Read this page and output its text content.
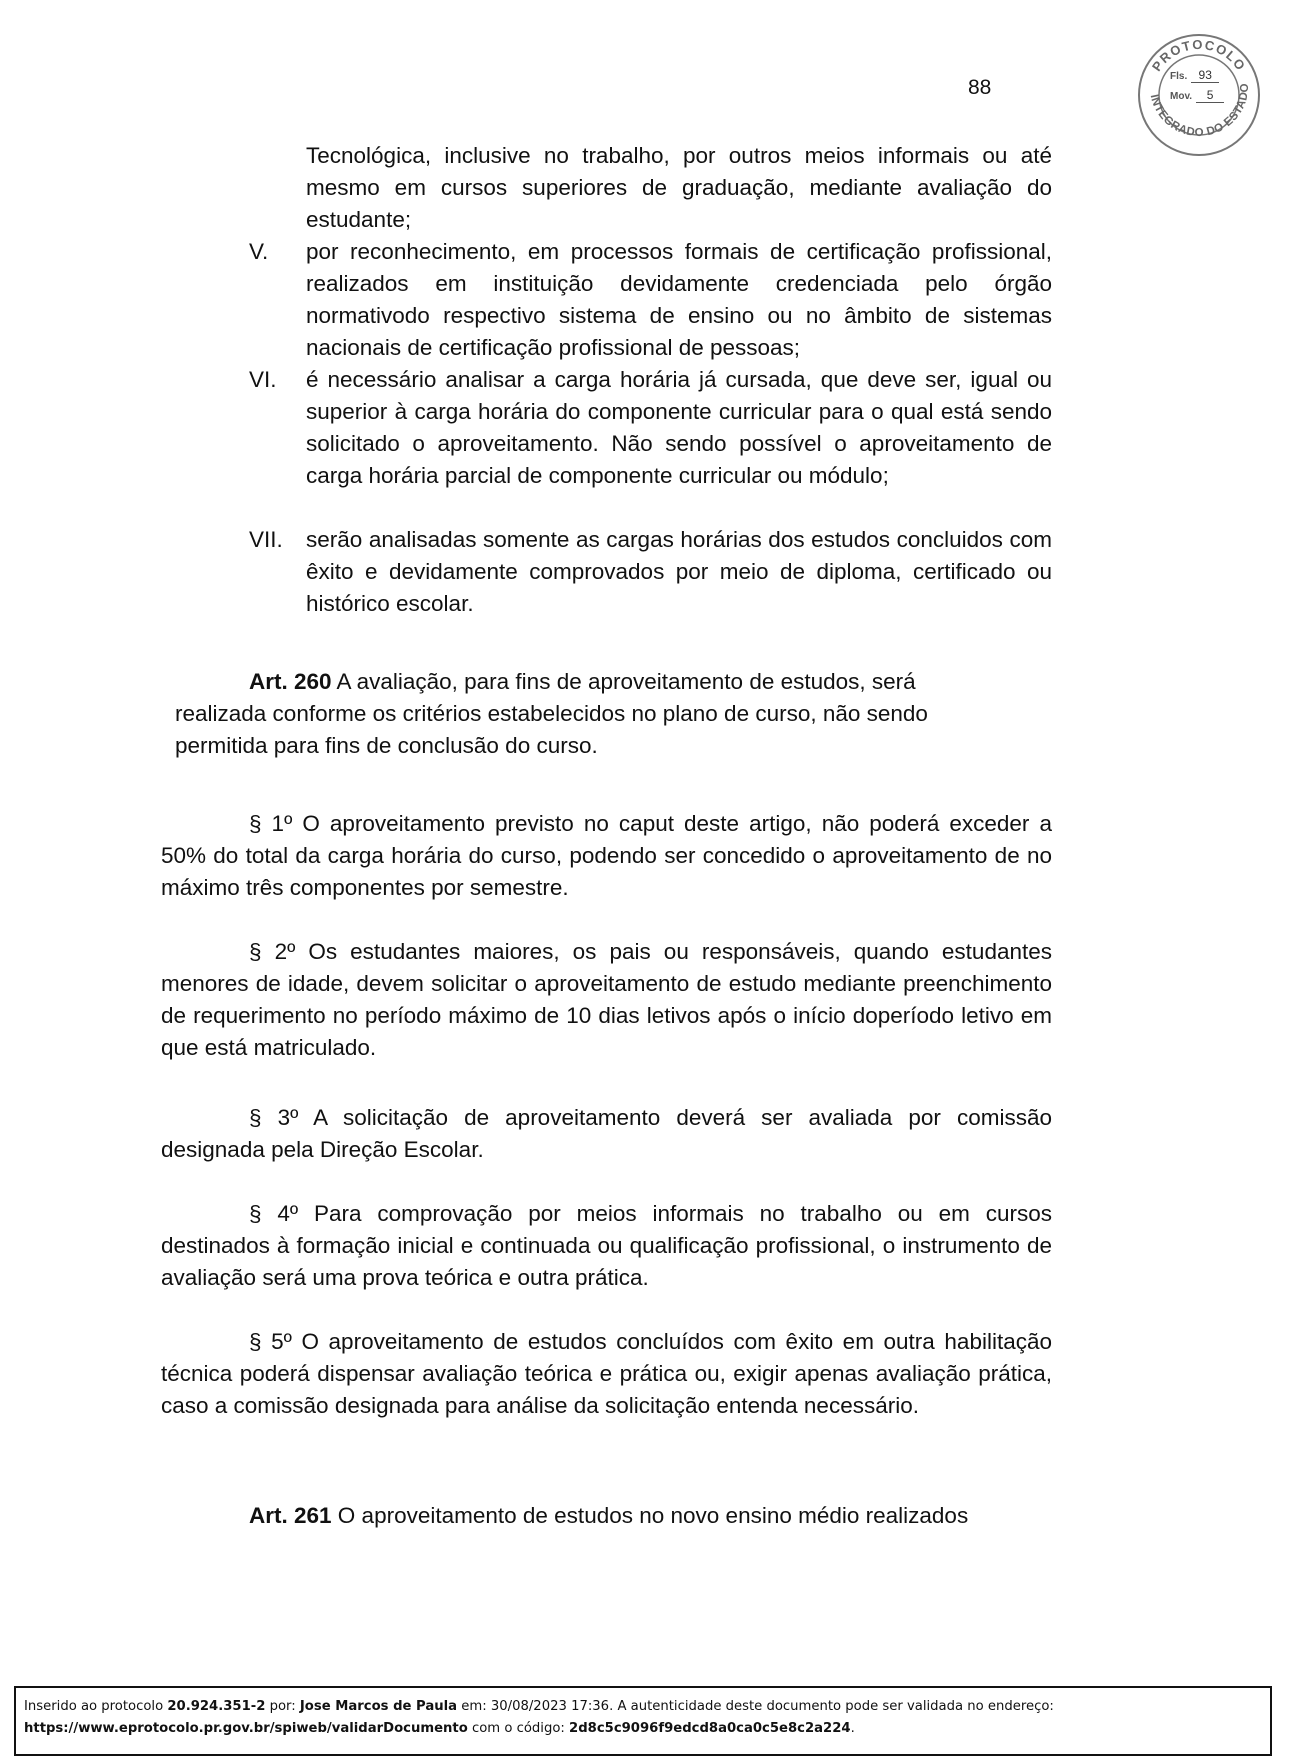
88
PROTOCOLO
INTEGRADO DO ESTADO
Fls. 93
Mov. 5
Tecnológica, inclusive no trabalho, por outros meios informais ou até mesmo em cursos superiores de graduação, mediante avaliação do estudante;
V. por reconhecimento, em processos formais de certificação profissional, realizados em instituição devidamente credenciada pelo órgão normativodo respectivo sistema de ensino ou no âmbito de sistemas nacionais de certificação profissional de pessoas;
VI. é necessário analisar a carga horária já cursada, que deve ser, igual ou superior à carga horária do componente curricular para o qual está sendo solicitado o aproveitamento. Não sendo possível o aproveitamento de carga horária parcial de componente curricular ou módulo;
VII. serão analisadas somente as cargas horárias dos estudos concluidos com êxito e devidamente comprovados por meio de diploma, certificado ou histórico escolar.
Art. 260 A avaliação, para fins de aproveitamento de estudos, será realizada conforme os critérios estabelecidos no plano de curso, não sendo permitida para fins de conclusão do curso.
§ 1º O aproveitamento previsto no caput deste artigo, não poderá exceder a 50% do total da carga horária do curso, podendo ser concedido o aproveitamento de no máximo três componentes por semestre.
§ 2º Os estudantes maiores, os pais ou responsáveis, quando estudantes menores de idade, devem solicitar o aproveitamento de estudo mediante preenchimento de requerimento no período máximo de 10 dias letivos após o início doperíodo letivo em que está matriculado.
§ 3º A solicitação de aproveitamento deverá ser avaliada por comissão designada pela Direção Escolar.
§ 4º Para comprovação por meios informais no trabalho ou em cursos destinados à formação inicial e continuada ou qualificação profissional, o instrumento de avaliação será uma prova teórica e outra prática.
§ 5º O aproveitamento de estudos concluídos com êxito em outra habilitação técnica poderá dispensar avaliação teórica e prática ou, exigir apenas avaliação prática, caso a comissão designada para análise da solicitação entenda necessário.
Art. 261 O aproveitamento de estudos no novo ensino médio realizados
Inserido ao protocolo 20.924.351-2 por: Jose Marcos de Paula em: 30/08/2023 17:36. A autenticidade deste documento pode ser validada no endereço:
https://www.eprotocolo.pr.gov.br/spiweb/validarDocumento com o código: 2d8c5c9096f9edcd8a0ca0c5e8c2a224.
